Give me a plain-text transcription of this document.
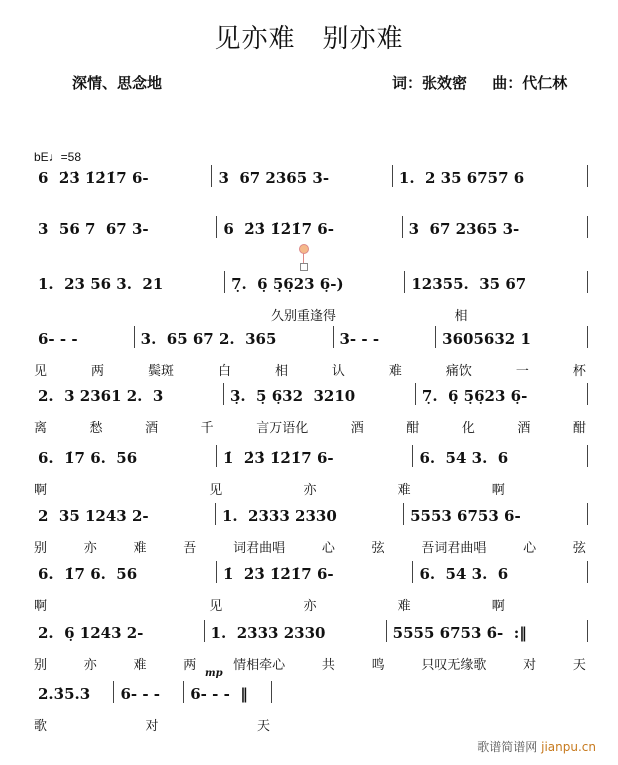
见亦难　别亦难
深情、思念地	词：张效密 曲：代仁林
bE♩=58
6  2̇3̇ 1̇2̇1̇7 6-	3  67 2365 3-	1.  2 35 6757 6
3  56 7  67 3-	6  2̇3̇ 1̇2̇1̇7 6-	3  67 2365 3-
1.  23 56 3.  21	7̣.  6̣ 5̣6̣23 6̣-)	12355.  35 67
久别重逢得	相
6- - -	3.  65 67 2.  365	3- - -	3605632 1
见	两	鬓斑	白	相	认	难	痛饮	一	杯
2.  3 2361 2.  3	3̣.  5̣ 6̣32  3210	7̣.  6̣ 5̣6̣23 6̣-
离	愁	酒	千	言万语化	酒	酣	化	酒	酣
6.  1̇7 6.  56	1̇  2̇3̇ 1̇2̇1̇7 6-	6.  54 3.  6
啊	见	亦	难	啊
2  35 1243 2-	1.  2333 2330	5553 6753 6-
别	亦	难	吾	词君曲唱	心	弦	吾词君曲唱	心	弦
6.  1̇7 6.  56	1̇  2̇3̇ 1̇2̇1̇7 6-	6.  54 3.  6
啊	见	亦	难	啊
2.  6̣ 1243 2-	1.  2333 2330	5555 6753 6̇-  :‖
别	亦	难	两	情相牵心	共	鸣	只叹无缘歌	对	天
2.3̇5.3	6- - -	6- - -  ‖
歌	对	天
mp
歌谱简谱网 jianpu.cn
